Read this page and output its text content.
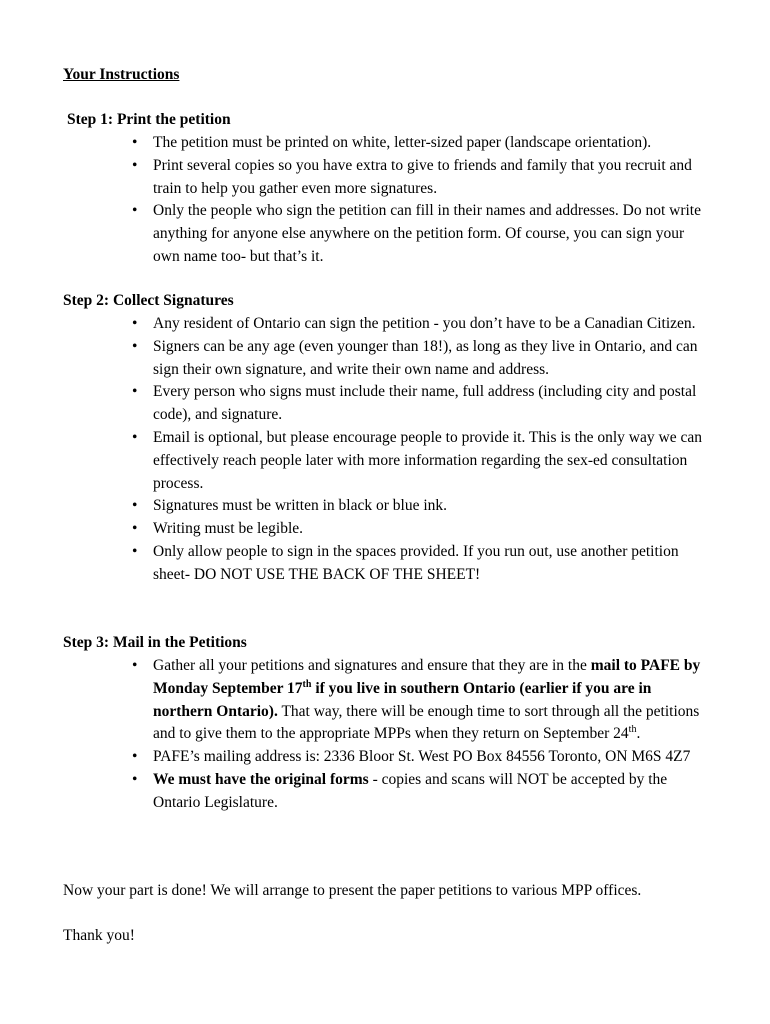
Your Instructions
Step 1: Print the petition
• The petition must be printed on white, letter-sized paper (landscape orientation).
• Print several copies so you have extra to give to friends and family that you recruit and train to help you gather even more signatures.
• Only the people who sign the petition can fill in their names and addresses. Do not write anything for anyone else anywhere on the petition form. Of course, you can sign your own name too- but that’s it.
Step 2: Collect Signatures
• Any resident of Ontario can sign the petition - you don’t have to be a Canadian Citizen.
• Signers can be any age (even younger than 18!), as long as they live in Ontario, and can sign their own signature, and write their own name and address.
• Every person who signs must include their name, full address (including city and postal code), and signature.
• Email is optional, but please encourage people to provide it. This is the only way we can effectively reach people later with more information regarding the sex-ed consultation process.
• Signatures must be written in black or blue ink.
• Writing must be legible.
• Only allow people to sign in the spaces provided. If you run out, use another petition sheet- DO NOT USE THE BACK OF THE SHEET!
Step 3: Mail in the Petitions
• Gather all your petitions and signatures and ensure that they are in the mail to PAFE by Monday September 17th if you live in southern Ontario (earlier if you are in northern Ontario). That way, there will be enough time to sort through all the petitions and to give them to the appropriate MPPs when they return on September 24th.
• PAFE’s mailing address is: 2336 Bloor St. West PO Box 84556 Toronto, ON M6S 4Z7
• We must have the original forms - copies and scans will NOT be accepted by the Ontario Legislature.
Now your part is done! We will arrange to present the paper petitions to various MPP offices.
Thank you!
